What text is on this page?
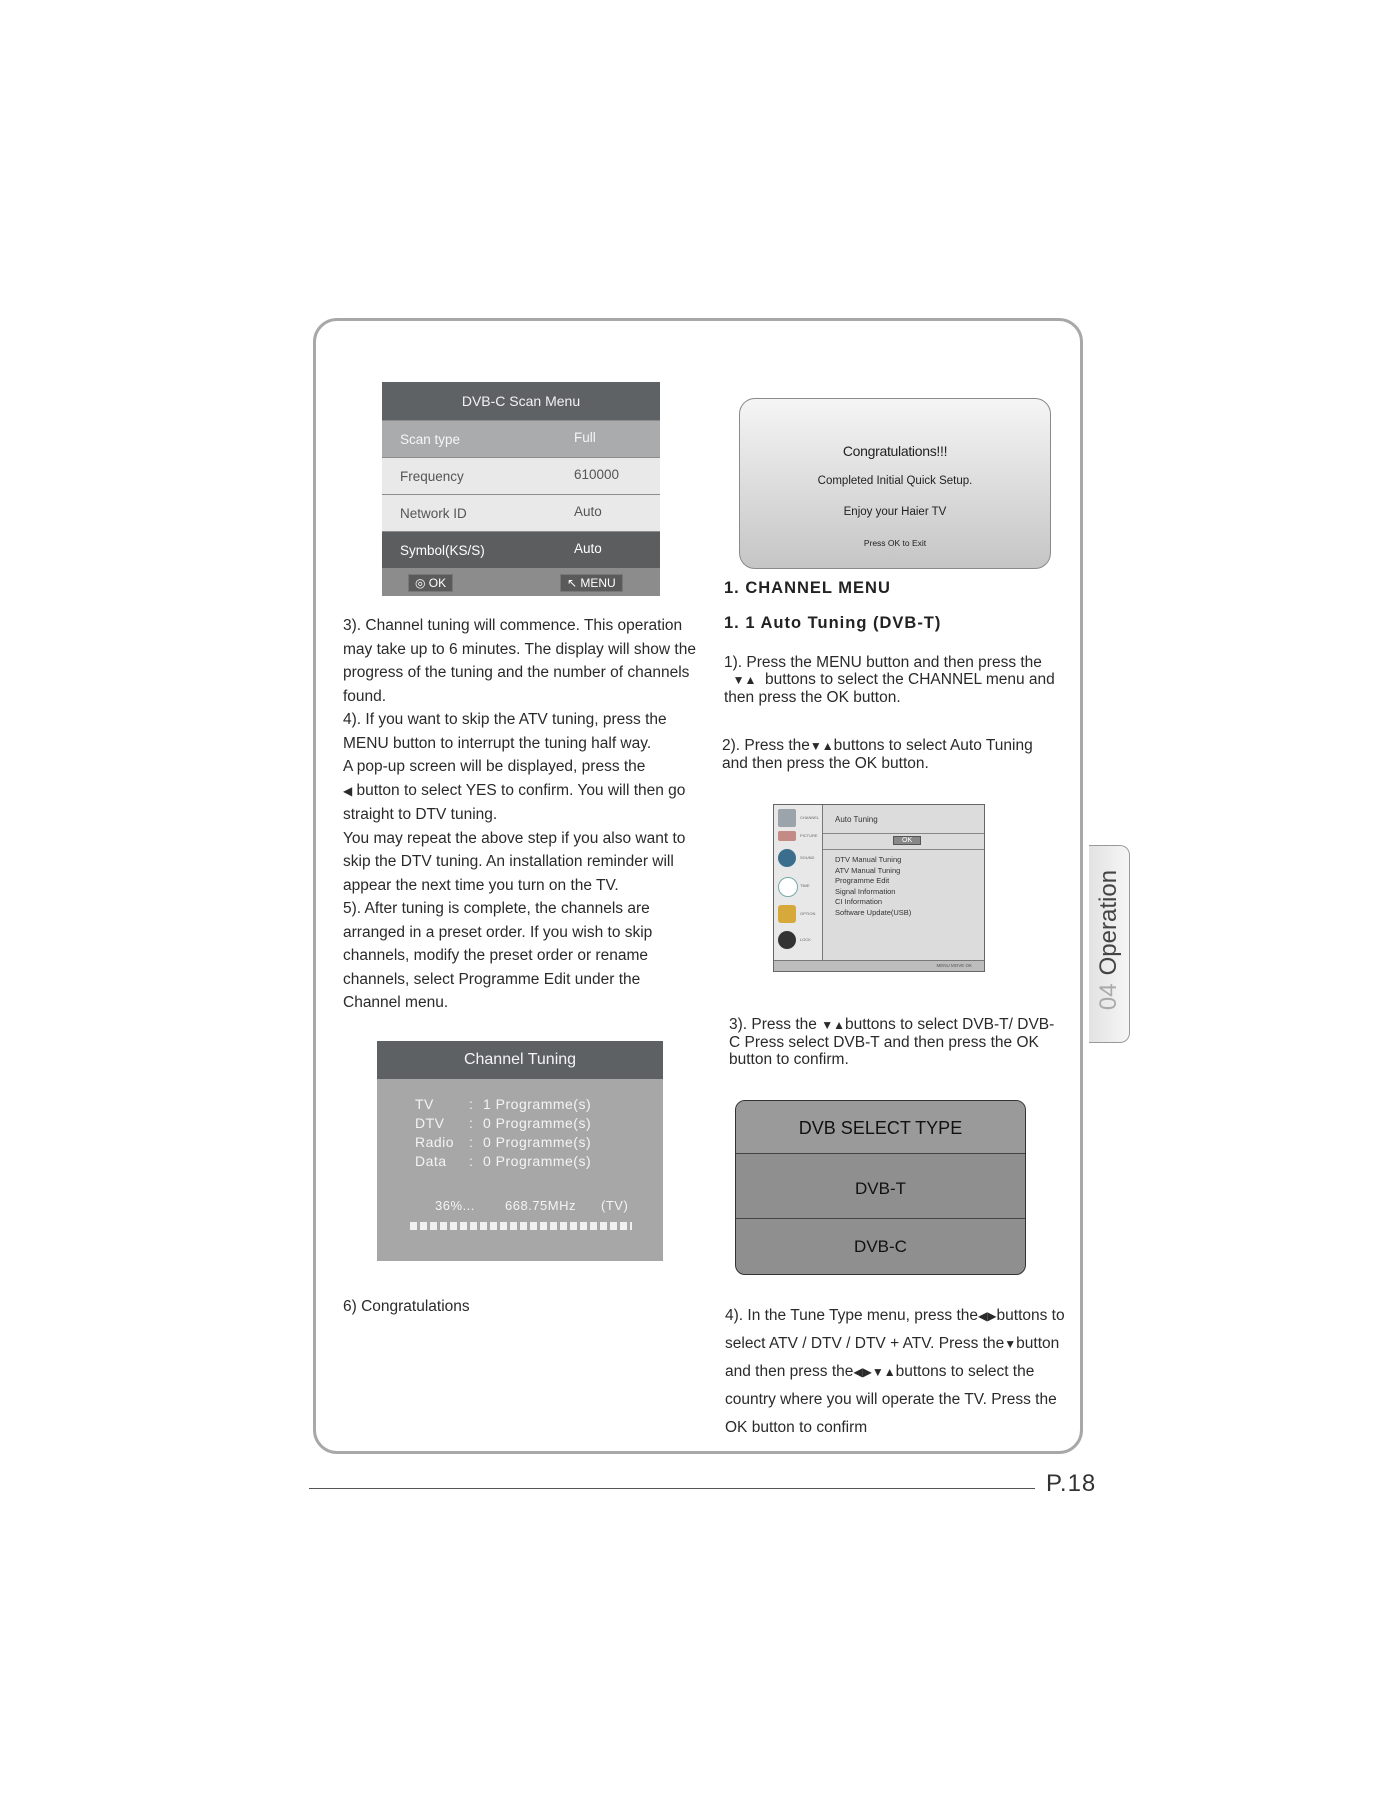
DVB-C Scan Menu
Scan type	Full
Frequency	610000
Network ID	Auto
Symbol(KS/S)	Auto
◎ OK	↖ MENU

3). Channel tuning will commence. This operation may take up to 6 minutes. The display will show the progress of the tuning and the number of channels found.

4). If you want to skip the ATV tuning, press the MENU button to interrupt the tuning half way.

A pop-up screen will be displayed, press the
◀ button to select YES to confirm. You will then go straight to DTV tuning.

You may repeat the above step if you also want to skip the DTV tuning. An installation reminder will appear the next time you turn on the TV.

5). After tuning is complete, the channels are arranged in a preset order. If you wish to skip channels, modify the preset order or rename channels, select Programme Edit under the Channel menu.

Channel Tuning
TV	: 1 Programme(s)
DTV : 0 Programme(s)
Radio : 0 Programme(s)
Data : 0 Programme(s)
36%... 668.75MHz	(TV)
6) Congratulations
Congratulations!!!
Completed Initial Quick Setup.
Enjoy your Haier TV
Press OK to Exit
1. CHANNEL MENU
1. 1 Auto Tuning (DVB-T)
1). Press the MENU button and then press the
▼▲ buttons to select the CHANNEL menu and then press the OK button.
2). Press the▼▲buttons to select Auto Tuning and then press the OK button.
CHANNEL
PICTURE
SOUND
TIME
OPTION
LOCK
Auto Tuning
OK
DTV Manual Tuning
ATV Manual Tuning
Programme Edit
Signal Information
CI Information
Software Update(USB)
MENU MOVE OK
3). Press the ▼▲buttons to select DVB-T/ DVB-C Press select DVB-T and then press the OK button to confirm.
DVB SELECT TYPE
DVB-T
DVB-C
4). In the Tune Type menu, press the◀▶buttons to select ATV / DTV / DTV + ATV. Press the▼button and then press the◀▶▼▲buttons to select the country where you will operate the TV. Press the OK button to confirm
04Operation
P.18
